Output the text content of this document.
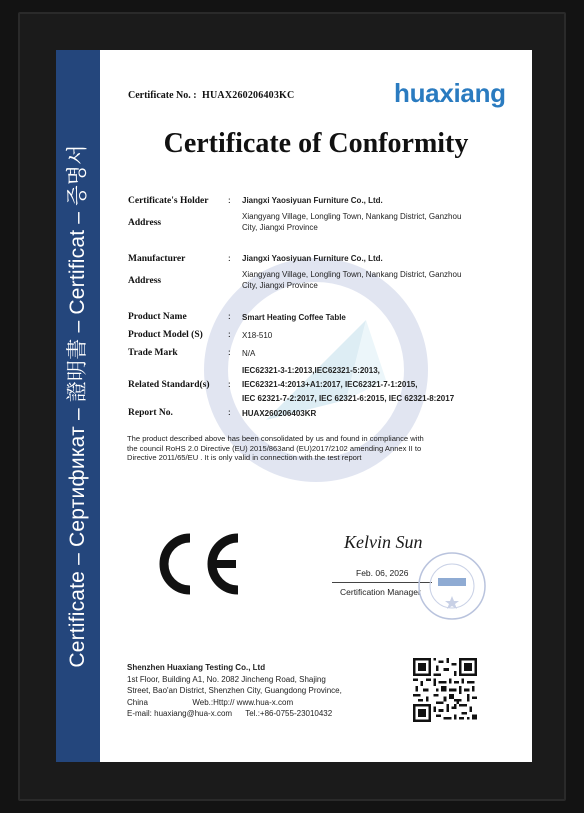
Certificate – Сертификат – 證明書 – Certificat – 증명서
Certificate No. : HUAX260206403KC	huaxiang
Certificate of Conformity
Certificate's Holder : Jiangxi Yaosiyuan Furniture Co., Ltd.
Address
Xiangyang Village, Longling Town, Nankang District, Ganzhou
City, Jiangxi Province
Manufacturer	: Jiangxi Yaosiyuan Furniture Co., Ltd.
Address
Xiangyang Village, Longling Town, Nankang District, Ganzhou
City, Jiangxi Province
Product Name	: Smart Heating Coffee Table
Product Model (S)	: X18-510
Trade Mark	: N/A
Related Standard(s) :
IEC62321-3-1:2013,IEC62321-5:2013,
IEC62321-4:2013+A1:2017, IEC62321-7-1:2015,
IEC 62321-7-2:2017, IEC 62321-6:2015, IEC 62321-8:2017
Report No.	: HUAX260206403KR
The product described above has been consolidated by us and found in compliance with
the council RoHS 2.0 Directive (EU) 2015/863and (EU)2017/2102 amending Annex II to
Directive 2011/65/EU . It is only valid in connection with the test report
Kelvin Sun
Feb. 06, 2026
Certification Manager
Shenzhen Huaxiang Testing Co., Ltd
1st Floor, Building A1, No. 2082 Jincheng Road, Shajing
Street, Bao'an District, Shenzhen City, Guangdong Province,
China                    Web.:Http:// www.hua-x.com
E-mail: huaxiang@hua-x.com      Tel.:+86-0755-23010432
